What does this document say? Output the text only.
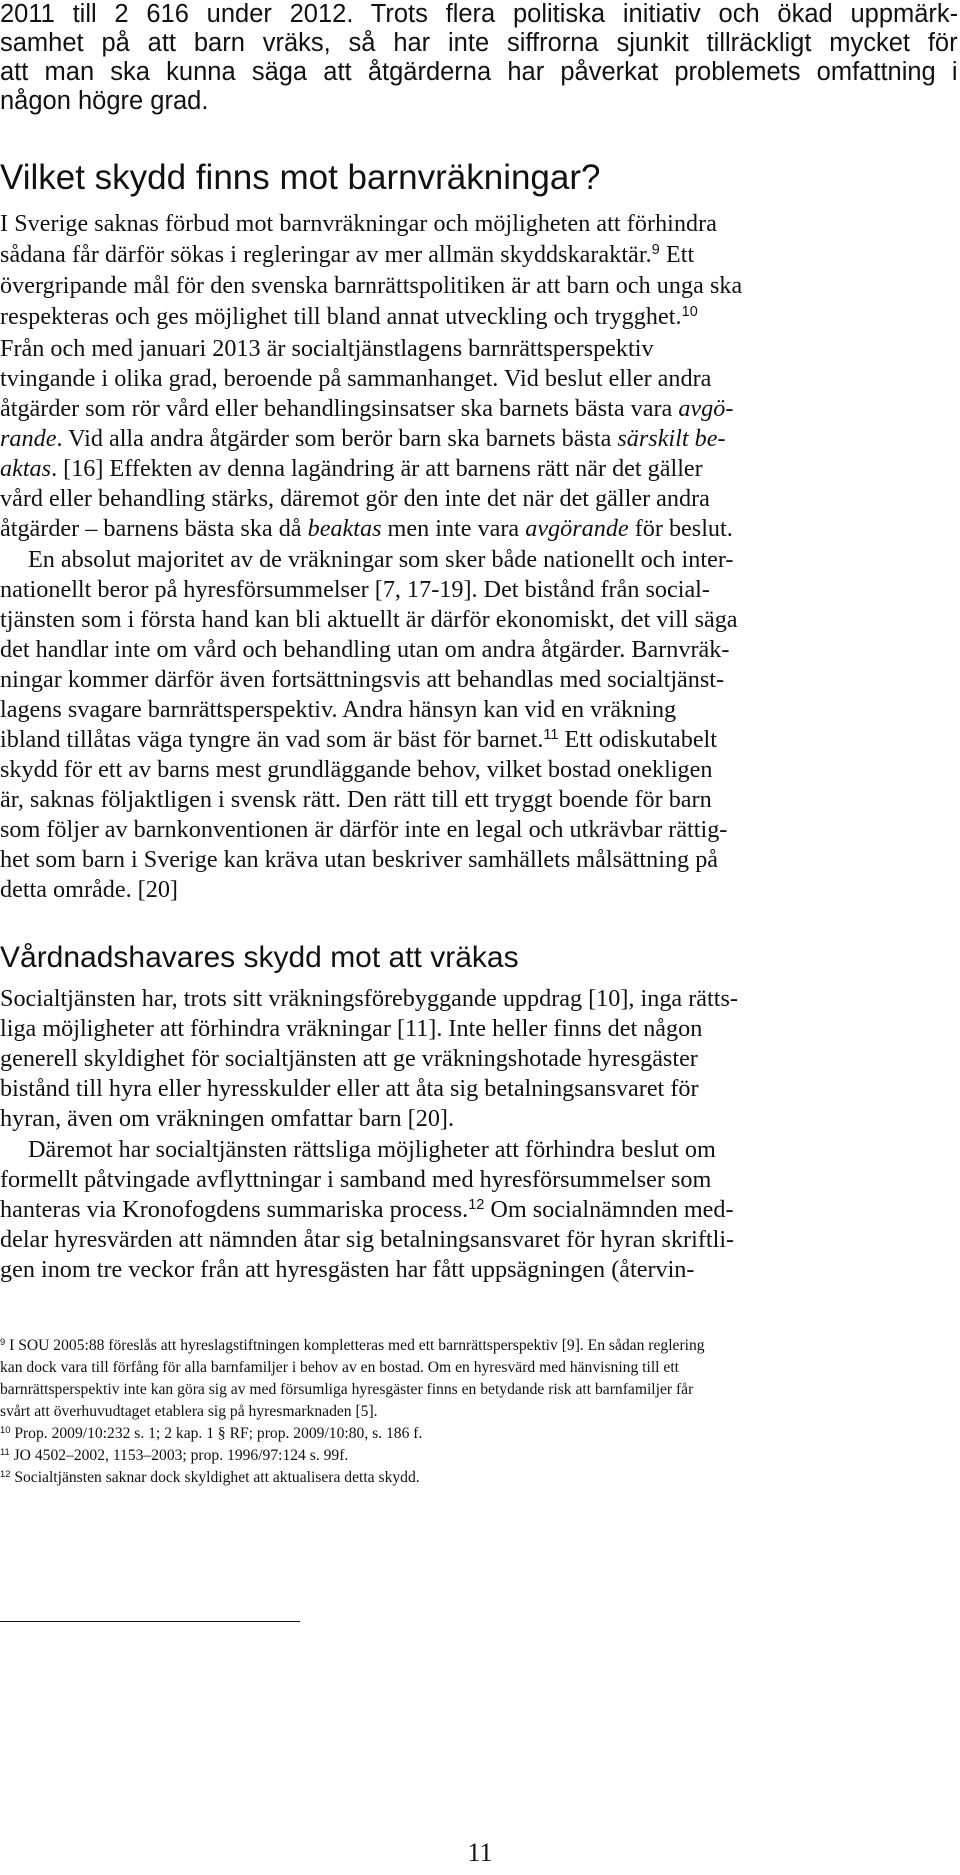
2011 till 2 616 under 2012. Trots flera politiska initiativ och ökad uppmärk-
samhet på att barn vräks, så har inte siffrorna sjunkit tillräckligt mycket för
att man ska kunna säga att åtgärderna har påverkat problemets omfattning i
någon högre grad.
Vilket skydd finns mot barnvräkningar?
I Sverige saknas förbud mot barnvräkningar och möjligheten att förhindra
sådana får därför sökas i regleringar av mer allmän skyddskaraktär.$^9$ Ett
övergripande mål för den svenska barnrättspolitiken är att barn och unga ska
respekteras och ges möjlighet till bland annat utveckling och trygghet.$^{10}$
Från och med januari 2013 är socialtjänstlagens barnrättsperspektiv
tvingande i olika grad, beroende på sammanhanget. Vid beslut eller andra
åtgärder som rör vård eller behandlingsinsatser ska barnets bästa vara avgö-
rande. Vid alla andra åtgärder som berör barn ska barnets bästa särskilt be-
aktas. [16] Effekten av denna lagändring är att barnens rätt när det gäller
vård eller behandling stärks, däremot gör den inte det när det gäller andra
åtgärder – barnens bästa ska då beaktas men inte vara avgörande för beslut.
En absolut majoritet av de vräkningar som sker både nationellt och inter-
nationellt beror på hyresförsummelser [7, 17-19]. Det bistånd från social-
tjänsten som i första hand kan bli aktuellt är därför ekonomiskt, det vill säga
det handlar inte om vård och behandling utan om andra åtgärder. Barnvräk-
ningar kommer därför även fortsättningsvis att behandlas med socialtjänst-
lagens svagare barnrättsperspektiv. Andra hänsyn kan vid en vräkning
ibland tillåtas väga tyngre än vad som är bäst för barnet.$^{11}$ Ett odiskutabelt
skydd för ett av barns mest grundläggande behov, vilket bostad onekligen
är, saknas följaktligen i svensk rätt. Den rätt till ett tryggt boende för barn
som följer av barnkonventionen är därför inte en legal och utkrävbar rättig-
het som barn i Sverige kan kräva utan beskriver samhällets målsättning på
detta område. [20]
Vårdnadshavares skydd mot att vräkas
Socialtjänsten har, trots sitt vräkningsförebyggande uppdrag [10], inga rätts-
liga möjligheter att förhindra vräkningar [11]. Inte heller finns det någon
generell skyldighet för socialtjänsten att ge vräkningshotade hyresgäster
bistånd till hyra eller hyresskulder eller att åta sig betalningsansvaret för
hyran, även om vräkningen omfattar barn [20].
Däremot har socialtjänsten rättsliga möjligheter att förhindra beslut om
formellt påtvingade avflyttningar i samband med hyresförsummelser som
hanteras via Kronofogdens summariska process.$^{12}$ Om socialnämnden med-
delar hyresvärden att nämnden åtar sig betalningsansvaret för hyran skriftli-
gen inom tre veckor från att hyresgästen har fått uppsägningen (återvin-
$^9$ I SOU 2005:88 föreslås att hyreslagstiftningen kompletteras med ett barnrättsperspektiv [9]. En sådan reglering
kan dock vara till förfång för alla barnfamiljer i behov av en bostad. Om en hyresvärd med hänvisning till ett
barnrättsperspektiv inte kan göra sig av med försumliga hyresgäster finns en betydande risk att barnfamiljer får
svårt att överhuvudtaget etablera sig på hyresmarknaden [5].
$^{10}$ Prop. 2009/10:232 s. 1; 2 kap. 1 § RF; prop. 2009/10:80, s. 186 f.
$^{11}$ JO 4502–2002, 1153–2003; prop. 1996/97:124 s. 99f.
$^{12}$ Socialtjänsten saknar dock skyldighet att aktualisera detta skydd.
11
